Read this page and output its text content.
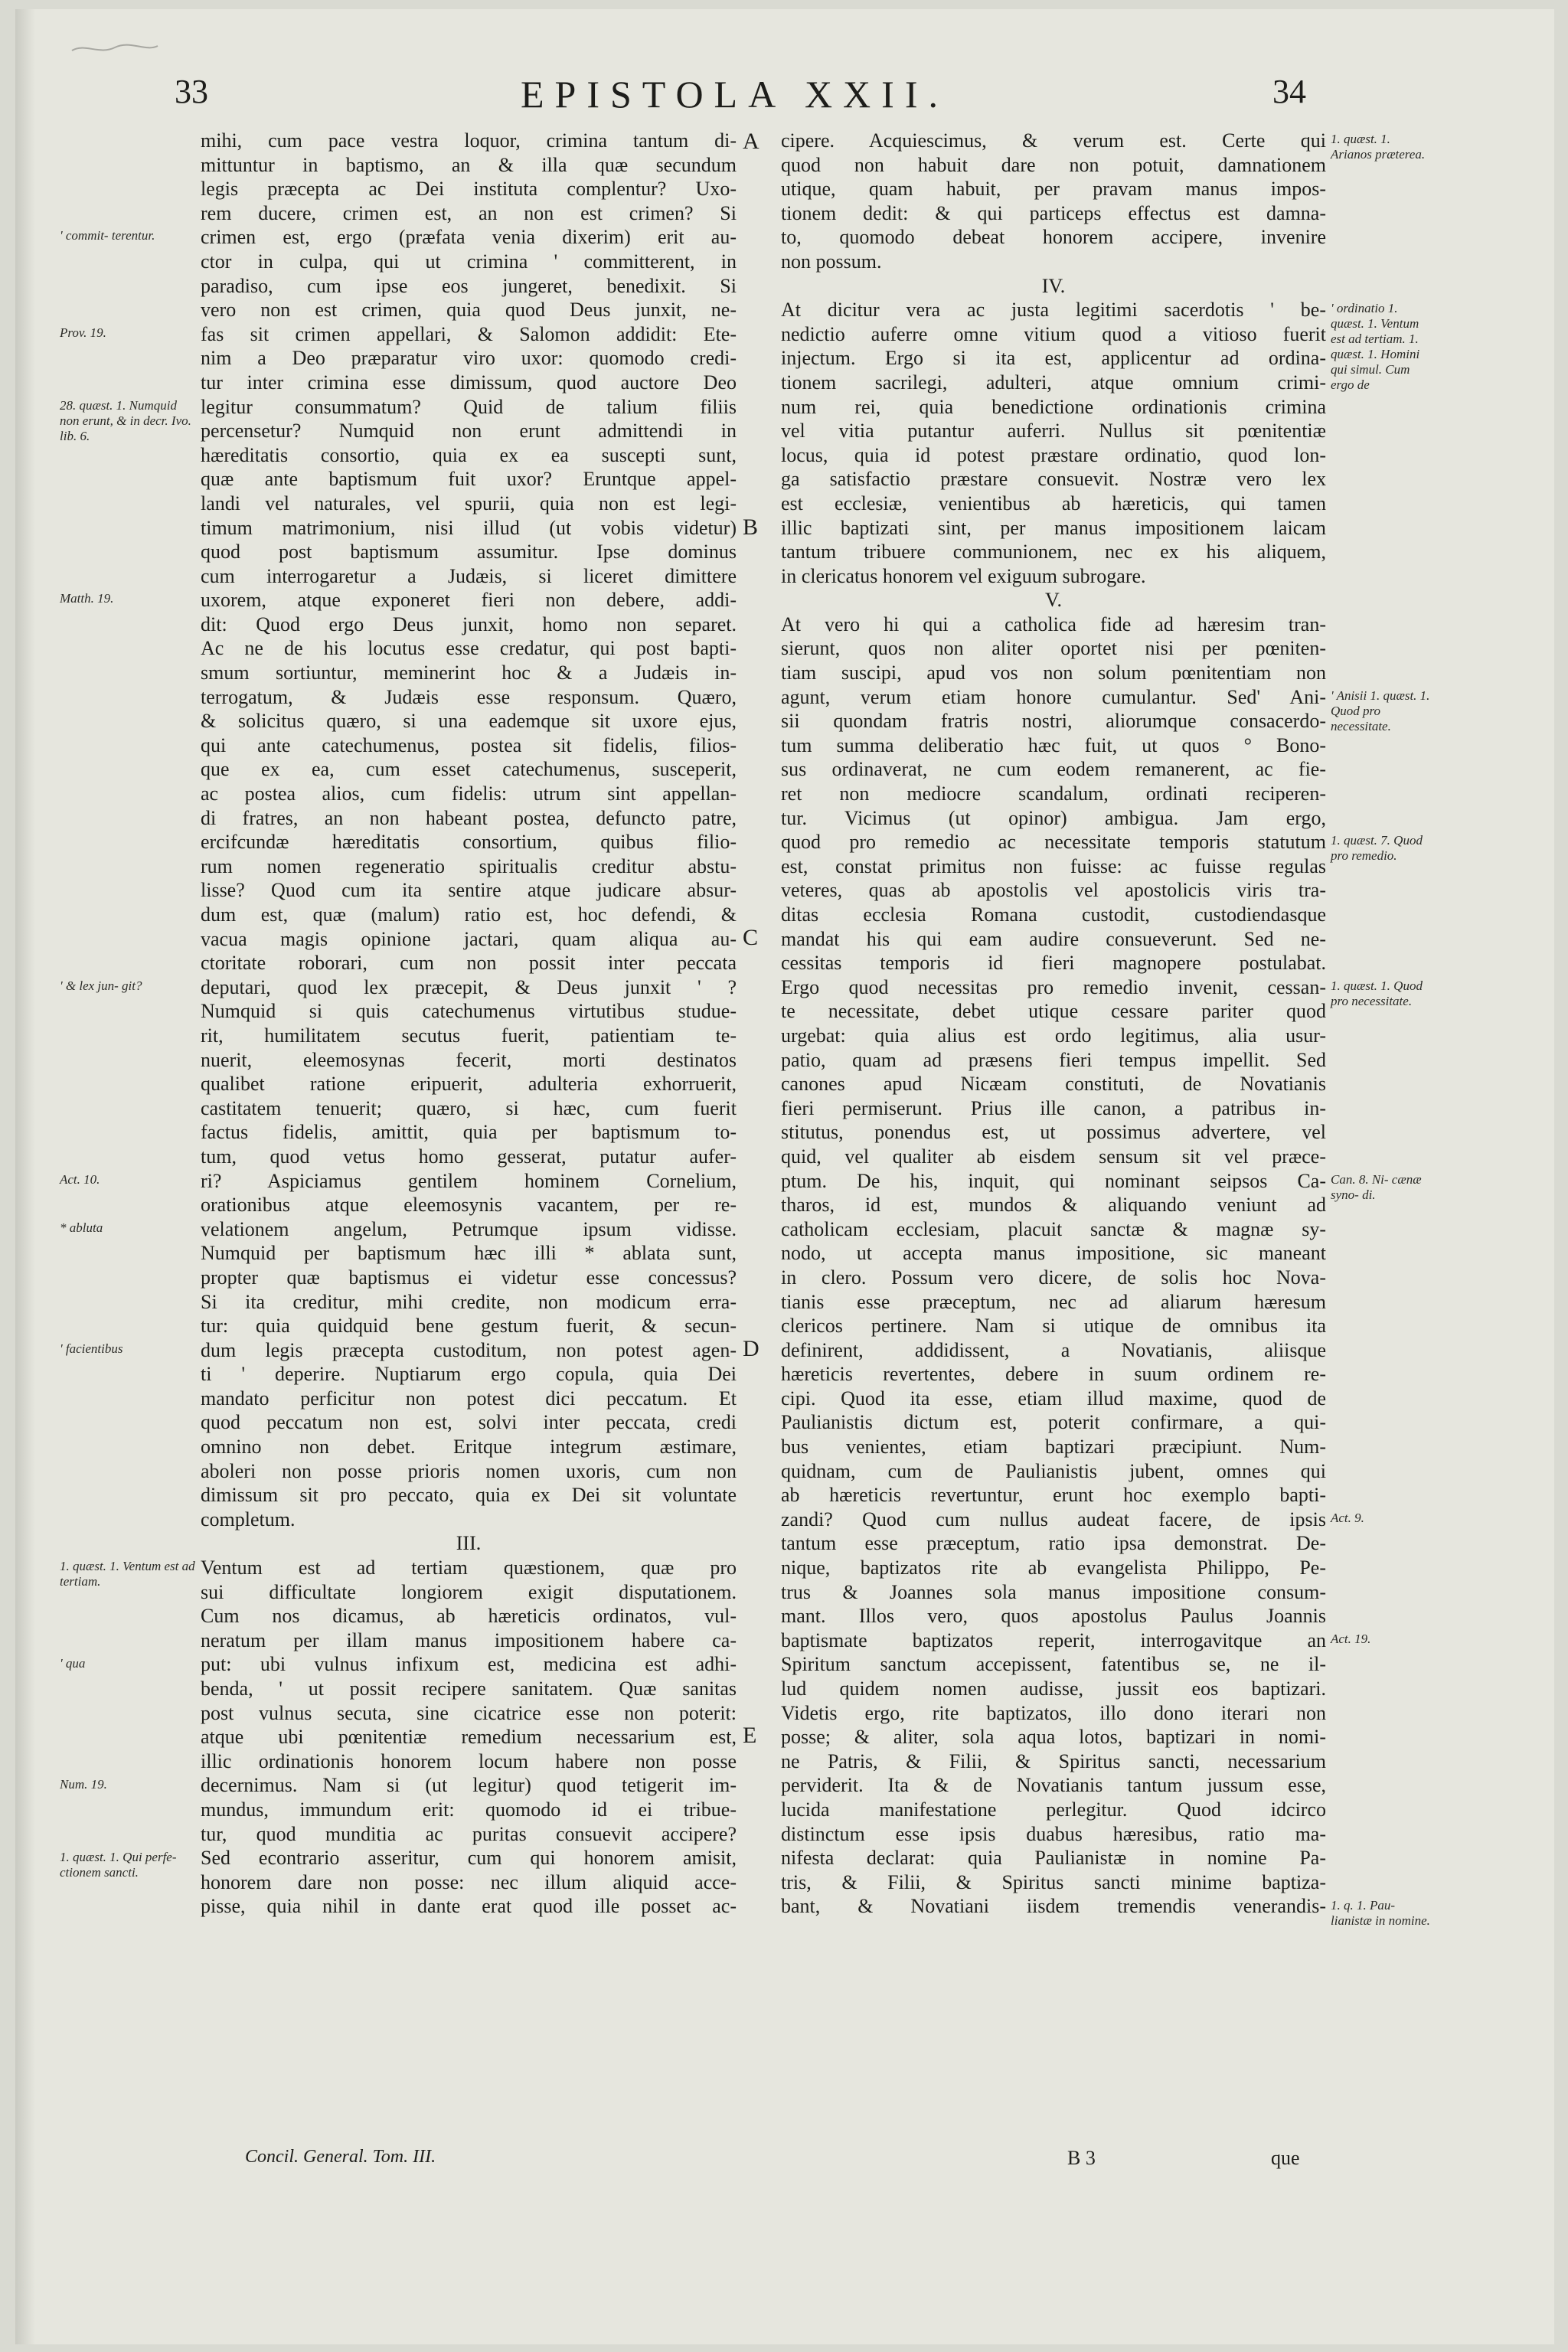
33	EPISTOLA XXII.	34
mihi, cum pace vestra loquor, crimina tantum di-
mittuntur in baptismo, an & illa quæ secundum
legis præcepta ac Dei instituta complentur? Uxo-
rem ducere, crimen est, an non est crimen? Si
crimen est, ergo (præfata venia dixerim) erit au-
ctor in culpa, qui ut crimina ' committerent, in
paradiso, cum ipse eos jungeret, benedixit. Si
vero non est crimen, quia quod Deus junxit, ne-
fas sit crimen appellari, & Salomon addidit: Ete-
nim a Deo præparatur viro uxor: quomodo credi-
tur inter crimina esse dimissum, quod auctore Deo
legitur consummatum? Quid de talium filiis
percensetur? Numquid non erunt admittendi in
hæreditatis consortio, quia ex ea suscepti sunt,
quæ ante baptismum fuit uxor? Eruntque appel-
landi vel naturales, vel spurii, quia non est legi-
timum matrimonium, nisi illud (ut vobis videtur)
quod post baptismum assumitur. Ipse dominus
cum interrogaretur a Judæis, si liceret dimittere
uxorem, atque exponeret fieri non debere, addi-
dit: Quod ergo Deus junxit, homo non separet.
Ac ne de his locutus esse credatur, qui post bapti-
smum sortiuntur, meminerint hoc & a Judæis in-
terrogatum, & Judæis esse responsum. Quæro,
& solicitus quæro, si una eademque sit uxore ejus,
qui ante catechumenus, postea sit fidelis, filios-
que ex ea, cum esset catechumenus, susceperit,
ac postea alios, cum fidelis: utrum sint appellan-
di fratres, an non habeant postea, defuncto patre,
ercifcundæ hæreditatis consortium, quibus filio-
rum nomen regeneratio spiritualis creditur abstu-
lisse? Quod cum ita sentire atque judicare absur-
dum est, quæ (malum) ratio est, hoc defendi, &
vacua magis opinione jactari, quam aliqua au-
ctoritate roborari, cum non possit inter peccata
deputari, quod lex præcepit, & Deus junxit ' ?
Numquid si quis catechumenus virtutibus studue-
rit, humilitatem secutus fuerit, patientiam te-
nuerit, eleemosynas fecerit, morti destinatos
qualibet ratione eripuerit, adulteria exhorruerit,
castitatem tenuerit; quæro, si hæc, cum fuerit
factus fidelis, amittit, quia per baptismum to-
tum, quod vetus homo gesserat, putatur aufer-
ri? Aspiciamus gentilem hominem Cornelium,
orationibus atque eleemosynis vacantem, per re-
velationem angelum, Petrumque ipsum vidisse.
Numquid per baptismum hæc illi * ablata sunt,
propter quæ baptismus ei videtur esse concessus?
Si ita creditur, mihi credite, non modicum erra-
tur: quia quidquid bene gestum fuerit, & secun-
dum legis præcepta custoditum, non potest agen-
ti ' deperire. Nuptiarum ergo copula, quia Dei
mandato perficitur non potest dici peccatum. Et
quod peccatum non est, solvi inter peccata, credi
omnino non debet. Eritque integrum æstimare,
aboleri non posse prioris nomen uxoris, cum non
dimissum sit pro peccato, quia ex Dei sit voluntate
completum.
III.
Ventum est ad tertiam quæstionem, quæ pro
sui difficultate longiorem exigit disputationem.
Cum nos dicamus, ab hæreticis ordinatos, vul-
neratum per illam manus impositionem habere ca-
put: ubi vulnus infixum est, medicina est adhi-
benda, ' ut possit recipere sanitatem. Quæ sanitas
post vulnus secuta, sine cicatrice esse non poterit:
atque ubi pœnitentiæ remedium necessarium est,
illic ordinationis honorem locum habere non posse
decernimus. Nam si (ut legitur) quod tetigerit im-
mundus, immundum erit: quomodo id ei tribue-
tur, quod munditia ac puritas consuevit accipere?
Sed econtrario asseritur, cum qui honorem amisit,
honorem dare non posse: nec illum aliquid acce-
pisse, quia nihil in dante erat quod ille posset ac-
cipere. Acquiescimus, & verum est. Certe qui
quod non habuit dare non potuit, damnationem
utique, quam habuit, per pravam manus impos-
tionem dedit: & qui particeps effectus est damna-
to, quomodo debeat honorem accipere, invenire
non possum.
IV.
At dicitur vera ac justa legitimi sacerdotis ' be-
nedictio auferre omne vitium quod a vitioso fuerit
injectum. Ergo si ita est, applicentur ad ordina-
tionem sacrilegi, adulteri, atque omnium crimi-
num rei, quia benedictione ordinationis crimina
vel vitia putantur auferri. Nullus sit pœnitentiæ
locus, quia id potest præstare ordinatio, quod lon-
ga satisfactio præstare consuevit. Nostræ vero lex
est ecclesiæ, venientibus ab hæreticis, qui tamen
illic baptizati sint, per manus impositionem laicam
tantum tribuere communionem, nec ex his aliquem,
in clericatus honorem vel exiguum subrogare.
V.
At vero hi qui a catholica fide ad hæresim tran-
sierunt, quos non aliter oportet nisi per pœniten-
tiam suscipi, apud vos non solum pœnitentiam non
agunt, verum etiam honore cumulantur. Sed' Ani-
sii quondam fratris nostri, aliorumque consacerdo-
tum summa deliberatio hæc fuit, ut quos ° Bono-
sus ordinaverat, ne cum eodem remanerent, ac fie-
ret non mediocre scandalum, ordinati reciperen-
tur. Vicimus (ut opinor) ambigua. Jam ergo,
quod pro remedio ac necessitate temporis statutum
est, constat primitus non fuisse: ac fuisse regulas
veteres, quas ab apostolis vel apostolicis viris tra-
ditas ecclesia Romana custodit, custodiendasque
mandat his qui eam audire consueverunt. Sed ne-
cessitas temporis id fieri magnopere postulabat.
Ergo quod necessitas pro remedio invenit, cessan-
te necessitate, debet utique cessare pariter quod
urgebat: quia alius est ordo legitimus, alia usur-
patio, quam ad præsens fieri tempus impellit. Sed
canones apud Nicæam constituti, de Novatianis
fieri permiserunt. Prius ille canon, a patribus in-
stitutus, ponendus est, ut possimus advertere, vel
quid, vel qualiter ab eisdem sensum sit vel præce-
ptum. De his, inquit, qui nominant seipsos Ca-
tharos, id est, mundos & aliquando veniunt ad
catholicam ecclesiam, placuit sanctæ & magnæ sy-
nodo, ut accepta manus impositione, sic maneant
in clero. Possum vero dicere, de solis hoc Nova-
tianis esse præceptum, nec ad aliarum hæresum
clericos pertinere. Nam si utique de omnibus ita
definirent, addidissent, a Novatianis, aliisque
hæreticis revertentes, debere in suum ordinem re-
cipi. Quod ita esse, etiam illud maxime, quod de
Paulianistis dictum est, poterit confirmare, a qui-
bus venientes, etiam baptizari præcipiunt. Num-
quidnam, cum de Paulianistis jubent, omnes qui
ab hæreticis revertuntur, erunt hoc exemplo bapti-
zandi? Quod cum nullus audeat facere, de ipsis
tantum esse præceptum, ratio ipsa demonstrat. De-
nique, baptizatos rite ab evangelista Philippo, Pe-
trus & Joannes sola manus impositione consum-
mant. Illos vero, quos apostolus Paulus Joannis
baptismate baptizatos reperit, interrogavitque an
Spiritum sanctum accepissent, fatentibus se, ne il-
lud quidem nomen audisse, jussit eos baptizari.
Videtis ergo, rite baptizatos, illo dono iterari non
posse; & aliter, sola aqua lotos, baptizari in nomi-
ne Patris, & Filii, & Spiritus sancti, necessarium
perviderit. Ita & de Novatianis tantum jussum esse,
lucida manifestatione perlegitur. Quod idcirco
distinctum esse ipsis duabus hæresibus, ratio ma-
nifesta declarat: quia Paulianistæ in nomine Pa-
tris, & Filii, & Spiritus sancti minime baptiza-
bant, & Novatiani iisdem tremendis venerandis-
' commit- terentur.
Prov. 19.
28. quæst. 1. Numquid non erunt, & in decr. Ivo. lib. 6.
Matth. 19.
' & lex jun- git?
Act. 10.
* abluta
' facientibus
1. quæst. 1. Ventum est ad tertiam.
' qua
Num. 19.
1. quæst. 1. Qui perfe- ctionem sancti.
1. quæst. 1. Arianos præterea.
' ordinatio 1. quæst. 1. Ventum est ad tertiam. 1. quæst. 1. Homini qui simul. Cum ergo de
' Anisii 1. quæst. 1. Quod pro necessitate.
1. quæst. 7. Quod pro remedio.
1. quæst. 1. Quod pro necessitate.
Can. 8. Ni- cænæ syno- di.
Act. 9.
Act. 19.
1. q. 1. Pau- lianistæ in nomine.
A
B
C
D
E
Concil. General. Tom. III.	B 3	que
